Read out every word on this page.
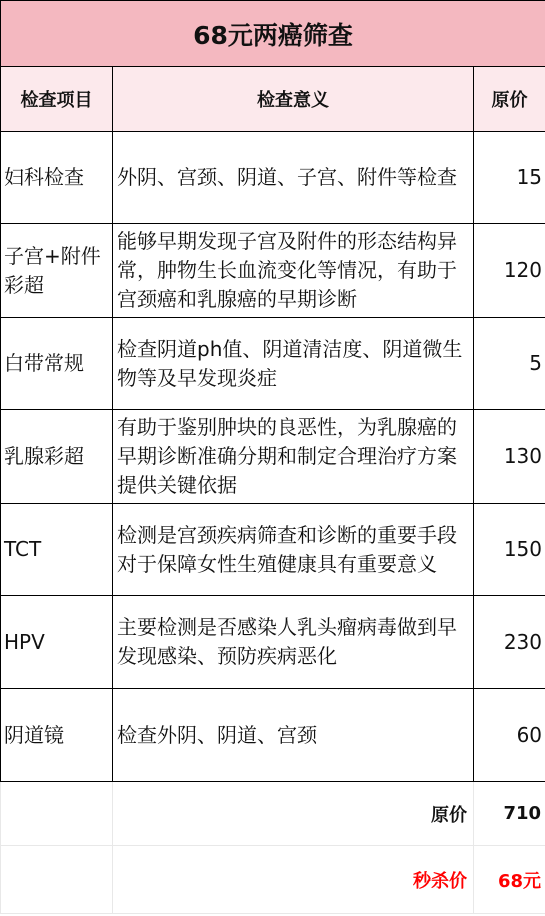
68元两癌筛查		
检查项目	检查意义	原价
妇科检查	外阴、宫颈、阴道、子宫、附件等检查	15
子宫+附件彩超	能够早期发现子宫及附件的形态结构异常，肿物生长血流变化等情况，有助于宫颈癌和乳腺癌的早期诊断	120
白带常规	检查阴道ph值、阴道清洁度、阴道微生物等及早发现炎症	5
乳腺彩超	有助于鉴别肿块的良恶性，为乳腺癌的早期诊断准确分期和制定合理治疗方案提供关键依据	130
TCT	检测是宫颈疾病筛查和诊断的重要手段对于保障女性生殖健康具有重要意义	150
HPV	主要检测是否感染人乳头瘤病毒做到早发现感染、预防疾病恶化	230
阴道镜	检查外阴、阴道、宫颈	60
	原价	710
	秒杀价	68元
